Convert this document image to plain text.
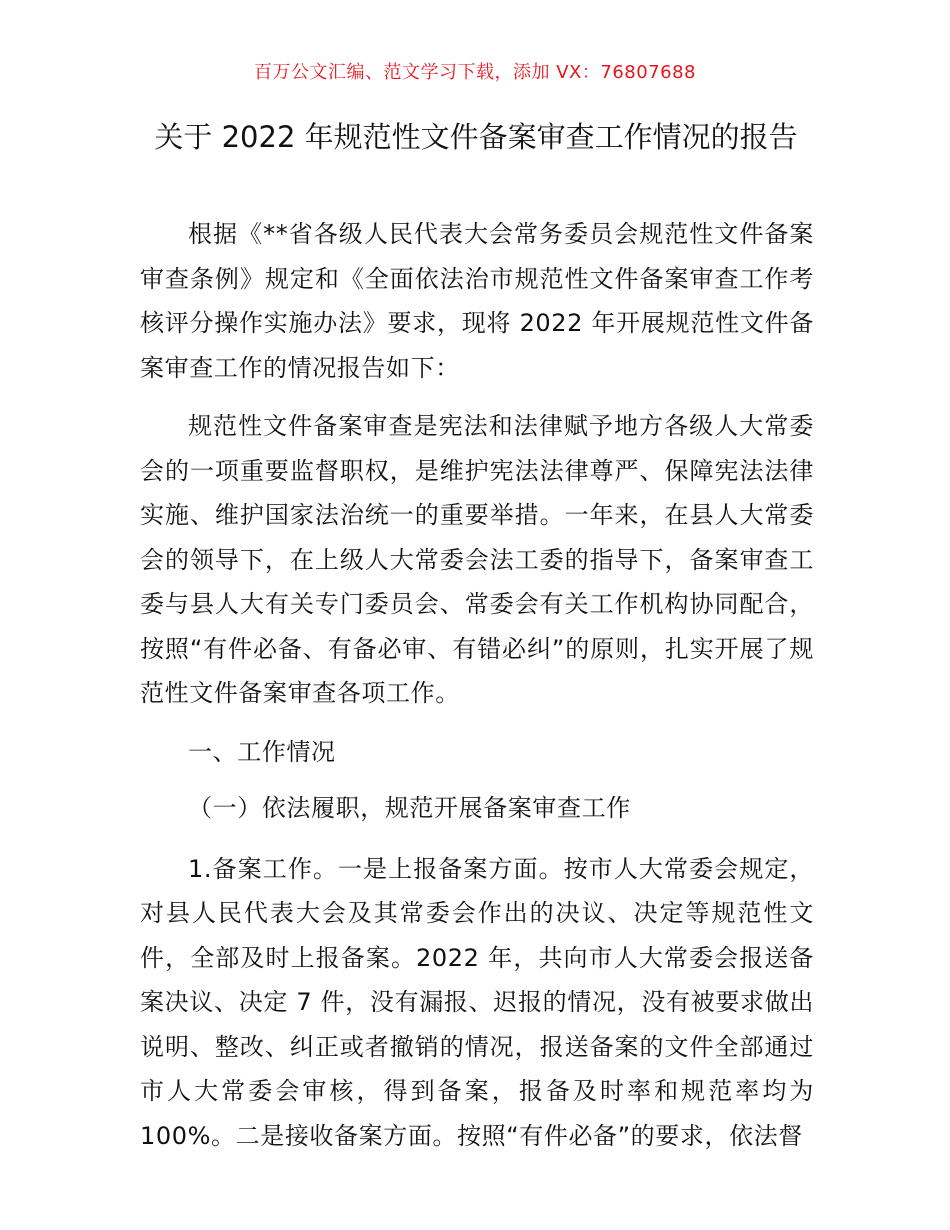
百万公文汇编、范文学习下载，添加 VX：76807688
关于 2022 年规范性文件备案审查工作情况的报告

根据《**省各级人民代表大会常务委员会规范性文件备案审查条例》规定和《全面依法治市规范性文件备案审查工作考核评分操作实施办法》要求，现将 2022 年开展规范性文件备案审查工作的情况报告如下：

规范性文件备案审查是宪法和法律赋予地方各级人大常委会的一项重要监督职权，是维护宪法法律尊严、保障宪法法律实施、维护国家法治统一的重要举措。一年来，在县人大常委会的领导下，在上级人大常委会法工委的指导下，备案审查工委与县人大有关专门委员会、常委会有关工作机构协同配合，按照“有件必备、有备必审、有错必纠”的原则，扎实开展了规范性文件备案审查各项工作。

一、工作情况

（一）依法履职，规范开展备案审查工作

1.备案工作。一是上报备案方面。按市人大常委会规定，对县人民代表大会及其常委会作出的决议、决定等规范性文件，全部及时上报备案。2022 年，共向市人大常委会报送备案决议、决定 7 件，没有漏报、迟报的情况，没有被要求做出说明、整改、纠正或者撤销的情况，报送备案的文件全部通过市人大常委会审核，得到备案，报备及时率和规范率均为 100%。二是接收备案方面。按照“有件必备”的要求，依法督
